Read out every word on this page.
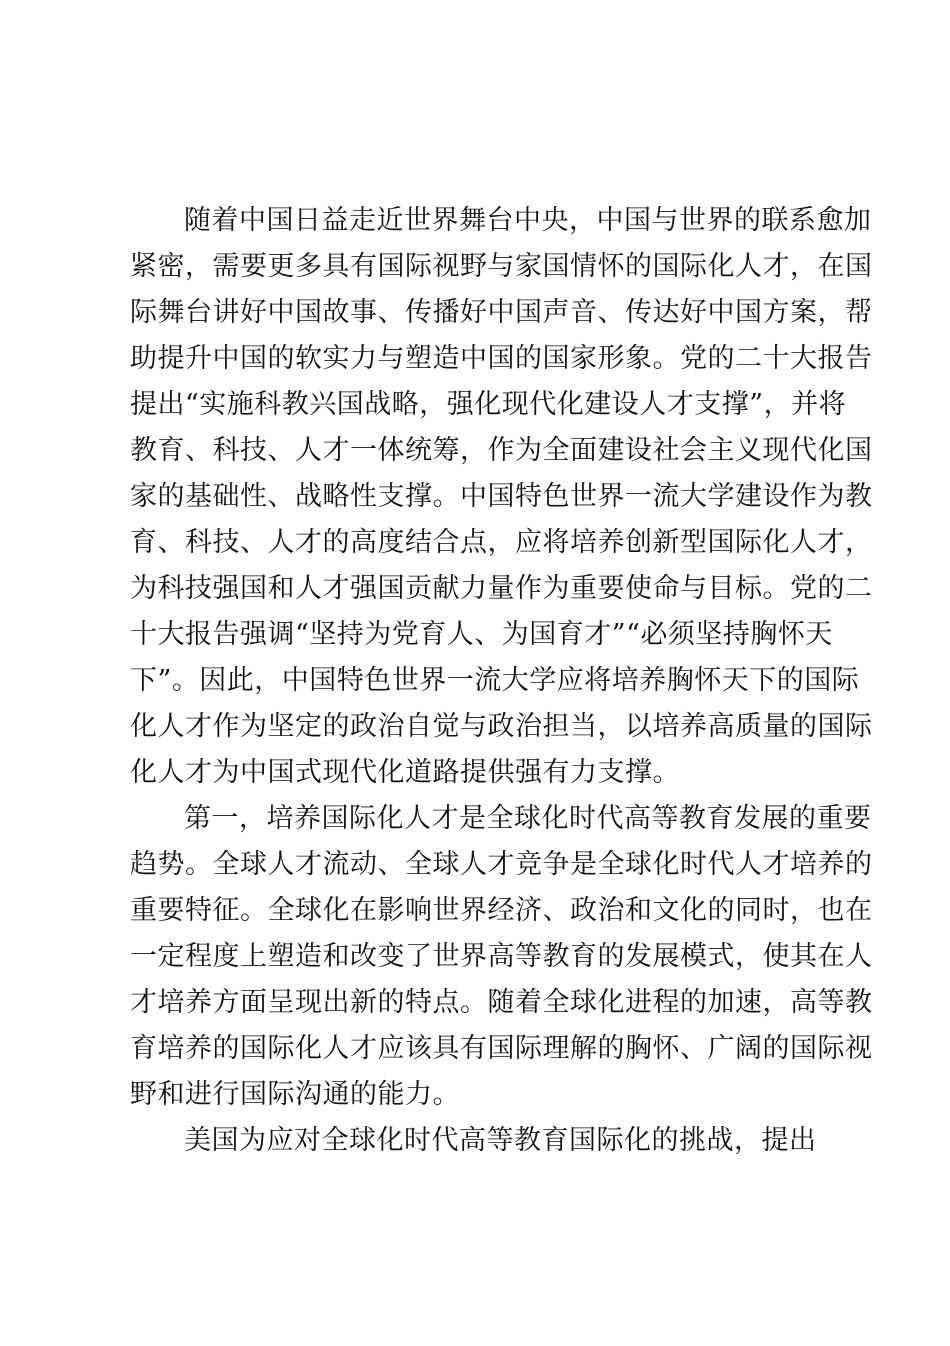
随着中国日益走近世界舞台中央，中国与世界的联系愈加
紧密，需要更多具有国际视野与家国情怀的国际化人才，在国
际舞台讲好中国故事、传播好中国声音、传达好中国方案，帮
助提升中国的软实力与塑造中国的国家形象。党的二十大报告
提出“实施科教兴国战略，强化现代化建设人才支撑”，并将
教育、科技、人才一体统筹，作为全面建设社会主义现代化国
家的基础性、战略性支撑。中国特色世界一流大学建设作为教
育、科技、人才的高度结合点，应将培养创新型国际化人才，
为科技强国和人才强国贡献力量作为重要使命与目标。党的二
十大报告强调“坚持为党育人、为国育才”“必须坚持胸怀天
下”。因此，中国特色世界一流大学应将培养胸怀天下的国际
化人才作为坚定的政治自觉与政治担当，以培养高质量的国际
化人才为中国式现代化道路提供强有力支撑。
第一，培养国际化人才是全球化时代高等教育发展的重要
趋势。全球人才流动、全球人才竞争是全球化时代人才培养的
重要特征。全球化在影响世界经济、政治和文化的同时，也在
一定程度上塑造和改变了世界高等教育的发展模式，使其在人
才培养方面呈现出新的特点。随着全球化进程的加速，高等教
育培养的国际化人才应该具有国际理解的胸怀、广阔的国际视
野和进行国际沟通的能力。
美国为应对全球化时代高等教育国际化的挑战，提出
